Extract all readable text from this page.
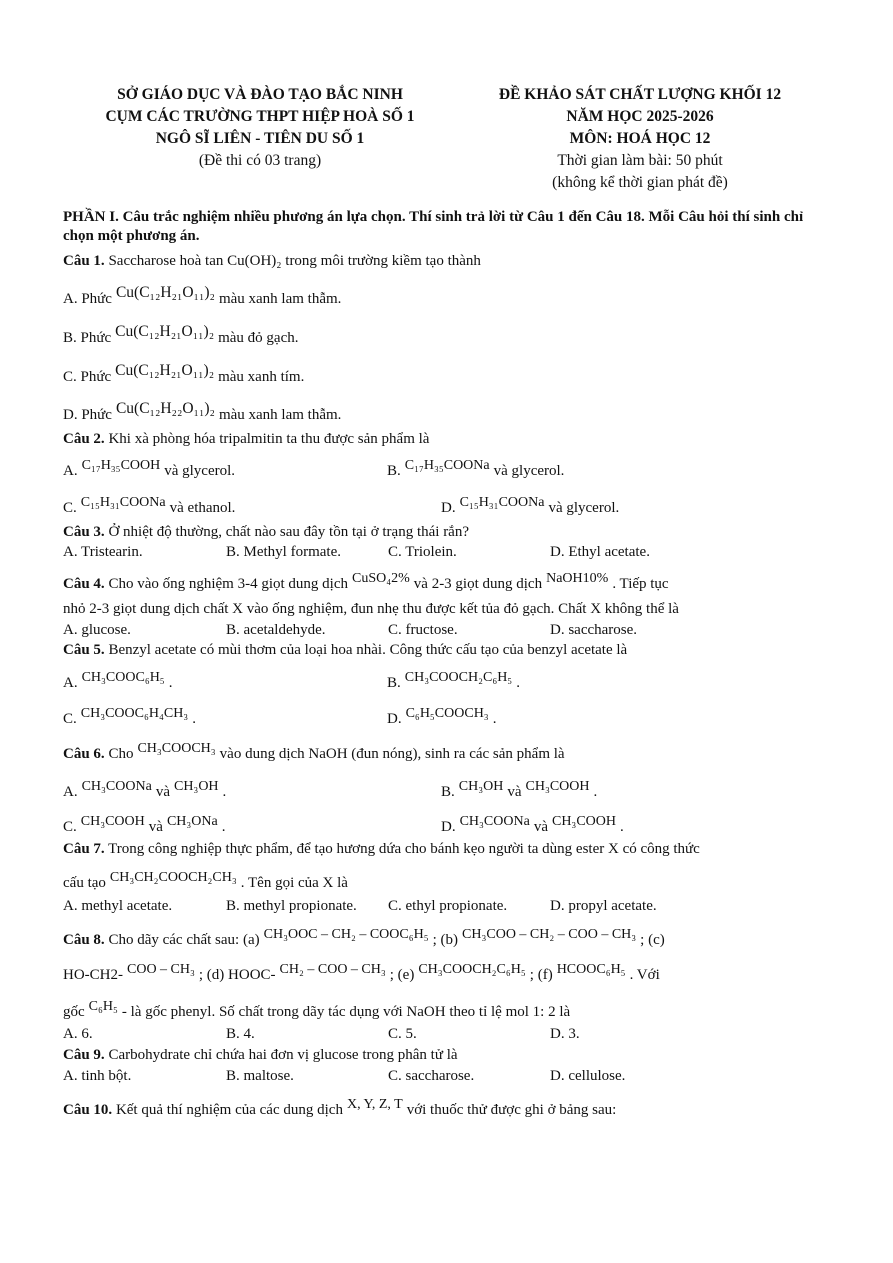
SỞ GIÁO DỤC VÀ ĐÀO TẠO BẮC NINH
CỤM CÁC TRƯỜNG THPT HIỆP HOÀ SỐ 1
NGÔ SĨ LIÊN - TIÊN DU SỐ 1
(Đề thi có 03 trang)
ĐỀ KHẢO SÁT CHẤT LƯỢNG KHỐI 12
NĂM HỌC 2025-2026
MÔN: HOÁ HỌC 12
Thời gian làm bài: 50 phút
(không kể thời gian phát đề)
PHẦN I. Câu trắc nghiệm nhiều phương án lựa chọn. Thí sinh trả lời từ Câu 1 đến Câu 18. Mỗi Câu hỏi thí sinh chỉ chọn một phương án.
Câu 1. Saccharose hoà tan Cu(OH)₂ trong môi trường kiềm tạo thành
A. Phức Cu(C₁₂H₂₁O₁₁)₂ màu xanh lam thẫm.
B. Phức Cu(C₁₂H₂₁O₁₁)₂ màu đỏ gạch.
C. Phức Cu(C₁₂H₂₁O₁₁)₂ màu xanh tím.
D. Phức Cu(C₁₂H₂₂O₁₁)₂ màu xanh lam thẫm.
Câu 2. Khi xà phòng hóa tripalmitin ta thu được sản phẩm là
A. C₁₇H₃₅COOH và glycerol.	B. C₁₇H₃₅COONa và glycerol.
C. C₁₅H₃₁COONa và ethanol.	D. C₁₅H₃₁COONa và glycerol.
Câu 3. Ở nhiệt độ thường, chất nào sau đây tồn tại ở trạng thái rắn?
A. Tristearin.	B. Methyl formate.	C. Triolein.	D. Ethyl acetate.
Câu 4. Cho vào ống nghiệm 3-4 giọt dung dịch CuSO₄2% và 2-3 giọt dung dịch NaOH10% . Tiếp tục
nhỏ 2-3 giọt dung dịch chất X vào ống nghiệm, đun nhẹ thu được kết tủa đỏ gạch. Chất X không thể là
A. glucose.	B. acetaldehyde.	C. fructose.	D. saccharose.
Câu 5. Benzyl acetate có mùi thơm của loại hoa nhài. Công thức cấu tạo của benzyl acetate là
A. CH₃COOC₆H₅ .	B. CH₃COOCH₂C₆H₅ .
C. CH₃COOC₆H₄CH₃ .	D. C₆H₅COOCH₃ .
Câu 6. Cho CH₃COOCH₃ vào dung dịch NaOH (đun nóng), sinh ra các sản phẩm là
A. CH₃COONa và CH₃OH .	B. CH₃OH và CH₃COOH .
C. CH₃COOH và CH₃ONa .	D. CH₃COONa và CH₃COOH .
Câu 7. Trong công nghiệp thực phẩm, để tạo hương dứa cho bánh kẹo người ta dùng ester X có công thức
cấu tạo CH₃CH₂COOCH₂CH₃ . Tên gọi của X là
A. methyl acetate.	B. methyl propionate. C. ethyl propionate.	D. propyl acetate.
Câu 8. Cho dãy các chất sau: (a) CH₃OOC – CH₂ – COOC₆H₅ ; (b) CH₃COO – CH₂ – COO – CH₃ ; (c)
HO-CH2- COO – CH₃ ; (d) HOOC- CH₂ – COO – CH₃ ; (e) CH₃COOCH₂C₆H₅ ; (f) HCOOC₆H₅ . Với
gốc C₆H₅ - là gốc phenyl. Số chất trong dãy tác dụng với NaOH theo tỉ lệ mol 1: 2 là
A. 6.	B. 4.	C. 5.	D. 3.
Câu 9. Carbohydrate chỉ chứa hai đơn vị glucose trong phân tử là
A. tinh bột.	B. maltose.	C. saccharose.	D. cellulose.
Câu 10. Kết quả thí nghiệm của các dung dịch X, Y, Z, T với thuốc thử được ghi ở bảng sau:
